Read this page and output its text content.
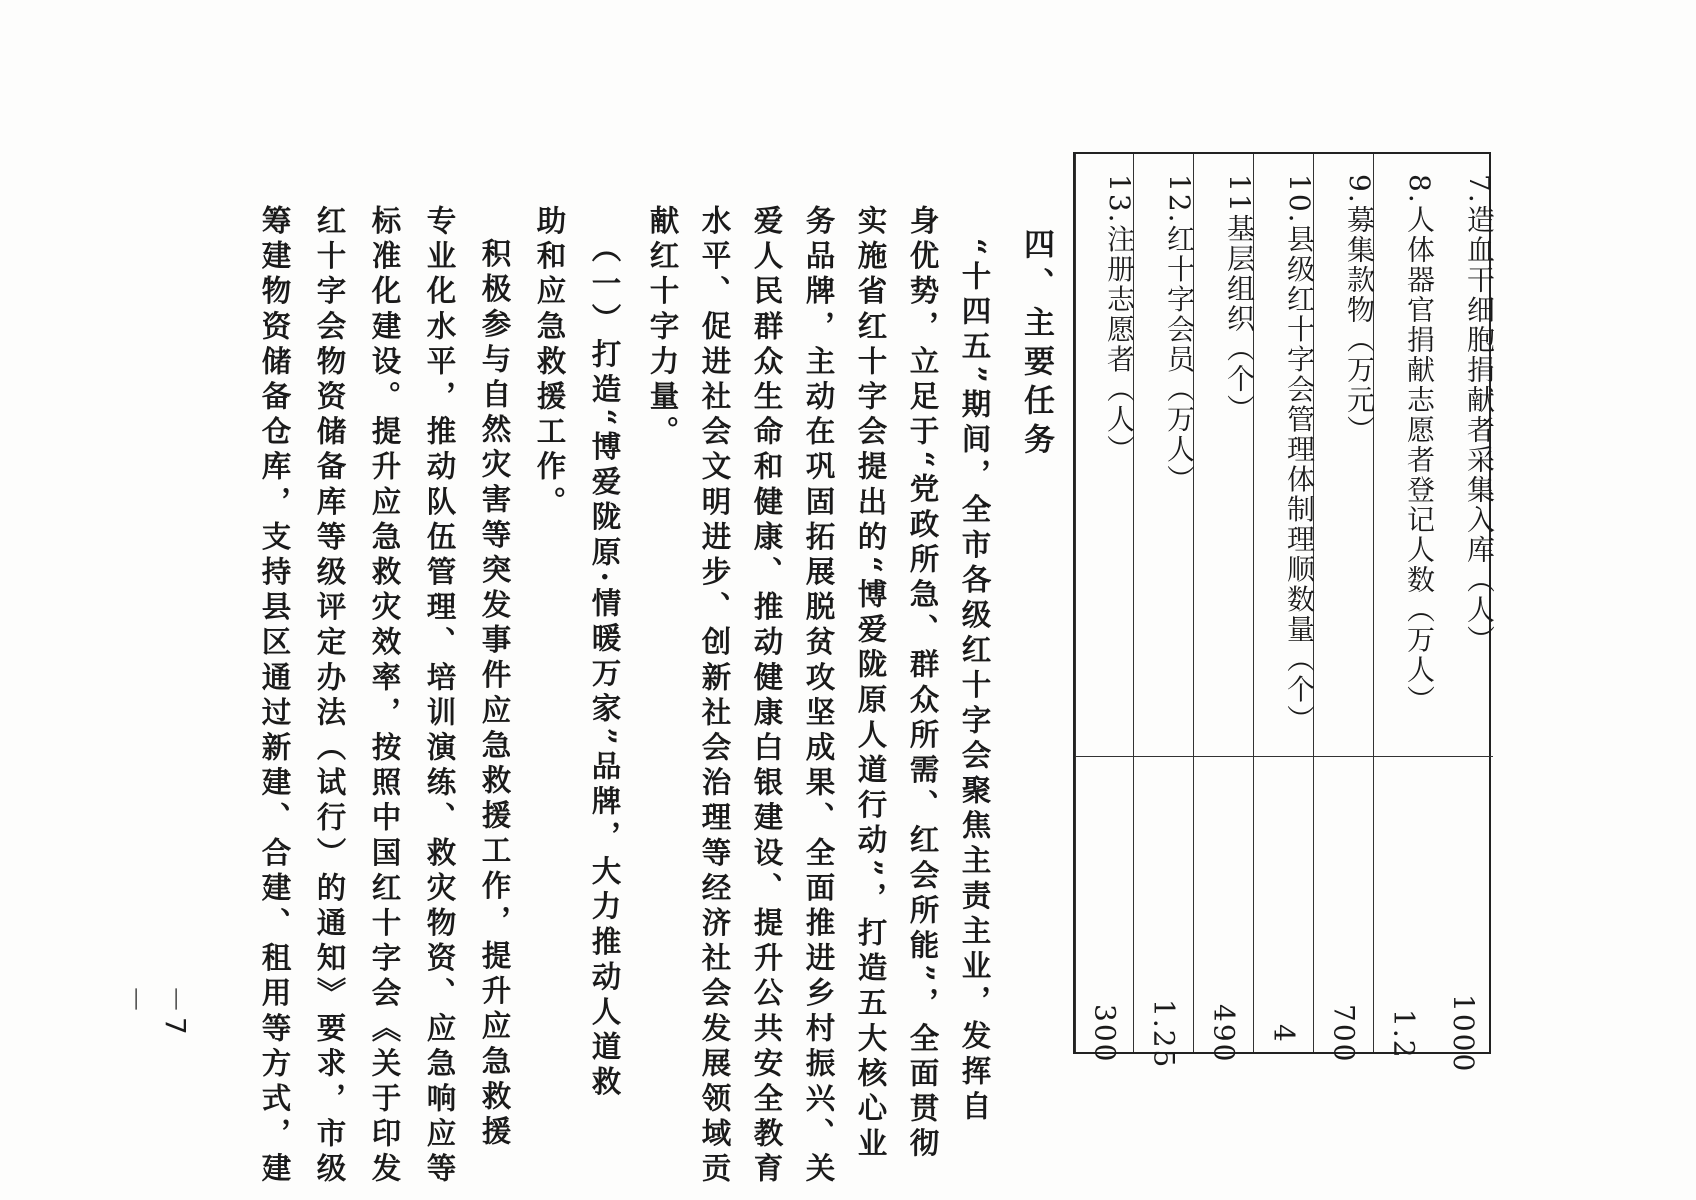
7.造血干细胞捐献者采集入库（人）
1000
8.人体器官捐献志愿者登记人数（万人）
1.2
9.募集款物（万元）
700
10.县级红十字会管理体制理顺数量（个）
4
11基层组织（个）
490
12.红十字会员（万人）
1.25
13.注册志愿者（人）
300
四、主要任务
“十四五”期间，全市各级红十字会聚焦主责主业，发挥自
身优势，立足于“党政所急、群众所需、红会所能”，全面贯彻
实施省红十字会提出的“博爱陇原人道行动”，打造五大核心业
务品牌，主动在巩固拓展脱贫攻坚成果、全面推进乡村振兴、关
爱人民群众生命和健康、推动健康白银建设、提升公共安全教育
水平、促进社会文明进步、创新社会治理等经济社会发展领域贡
献红十字力量。
（一）打造“博爱陇原·情暖万家”品牌，大力推动人道救
助和应急救援工作。
积极参与自然灾害等突发事件应急救援工作，提升应急救援
专业化水平，推动队伍管理、培训演练、救灾物资、应急响应等
标准化建设。提升应急救灾效率，按照中国红十字会《关于印发
红十字会物资储备库等级评定办法（试行）的通知》要求，市级
筹建物资储备仓库，支持县区通过新建、合建、租用等方式，建
－7－
